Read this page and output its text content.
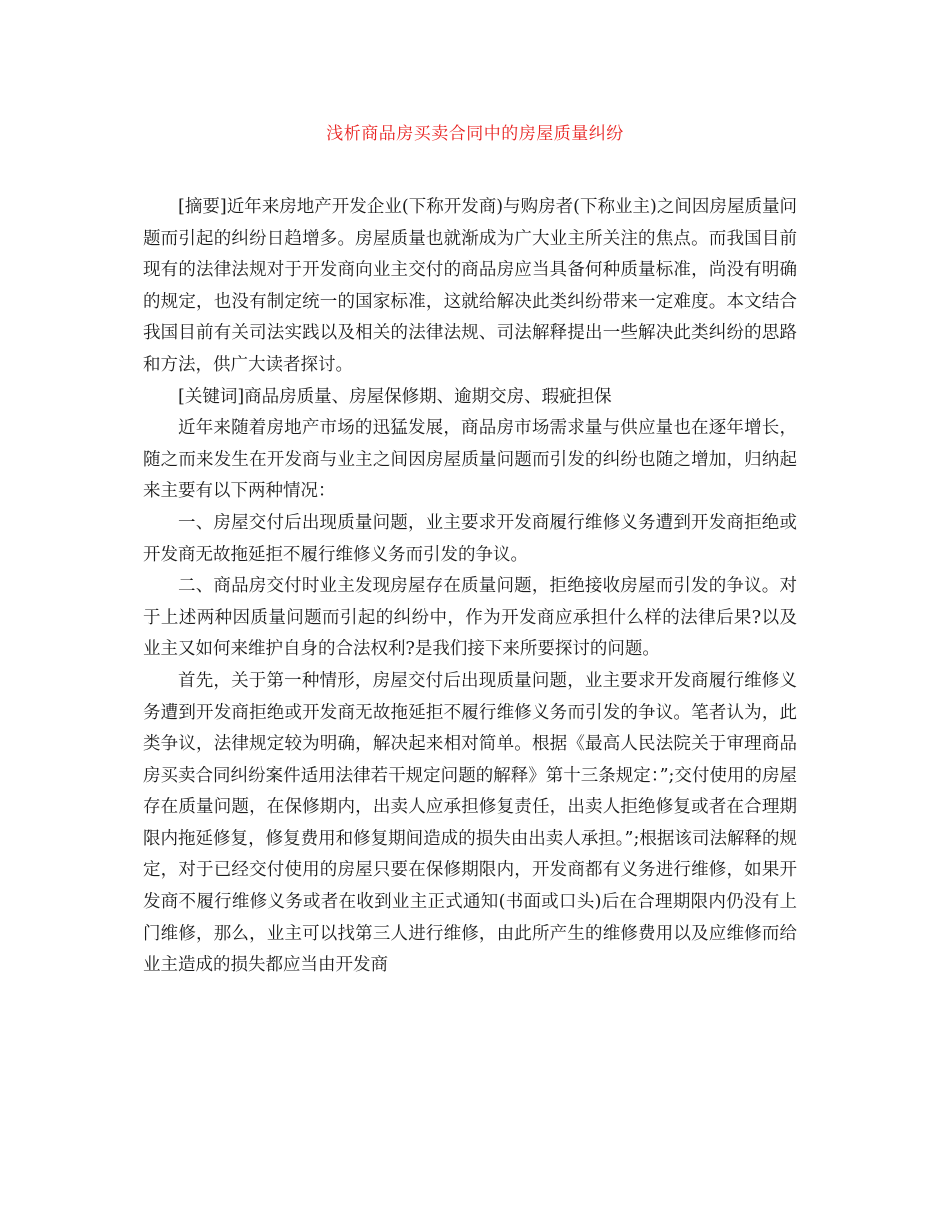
浅析商品房买卖合同中的房屋质量纠纷

[摘要]近年来房地产开发企业(下称开发商)与购房者(下称业主)之间因房屋质量问题而引起的纠纷日趋增多。房屋质量也就渐成为广大业主所关注的焦点。而我国目前现有的法律法规对于开发商向业主交付的商品房应当具备何种质量标准，尚没有明确的规定，也没有制定统一的国家标准，这就给解决此类纠纷带来一定难度。本文结合我国目前有关司法实践以及相关的法律法规、司法解释提出一些解决此类纠纷的思路和方法，供广大读者探讨。

[关键词]商品房质量、房屋保修期、逾期交房、瑕疵担保

近年来随着房地产市场的迅猛发展，商品房市场需求量与供应量也在逐年增长，随之而来发生在开发商与业主之间因房屋质量问题而引发的纠纷也随之增加，归纳起来主要有以下两种情况：

一、房屋交付后出现质量问题，业主要求开发商履行维修义务遭到开发商拒绝或开发商无故拖延拒不履行维修义务而引发的争议。

二、商品房交付时业主发现房屋存在质量问题，拒绝接收房屋而引发的争议。对于上述两种因质量问题而引起的纠纷中，作为开发商应承担什么样的法律后果?以及业主又如何来维护自身的合法权利?是我们接下来所要探讨的问题。

首先，关于第一种情形，房屋交付后出现质量问题，业主要求开发商履行维修义务遭到开发商拒绝或开发商无故拖延拒不履行维修义务而引发的争议。笔者认为，此类争议，法律规定较为明确，解决起来相对简单。根据《最高人民法院关于审理商品房买卖合同纠纷案件适用法律若干规定问题的解释》第十三条规定：”;交付使用的房屋存在质量问题，在保修期内，出卖人应承担修复责任，出卖人拒绝修复或者在合理期限内拖延修复，修复费用和修复期间造成的损失由出卖人承担。”;根据该司法解释的规定，对于已经交付使用的房屋只要在保修期限内，开发商都有义务进行维修，如果开发商不履行维修义务或者在收到业主正式通知(书面或口头)后在合理期限内仍没有上门维修，那么，业主可以找第三人进行维修，由此所产生的维修费用以及应维修而给业主造成的损失都应当由开发商
